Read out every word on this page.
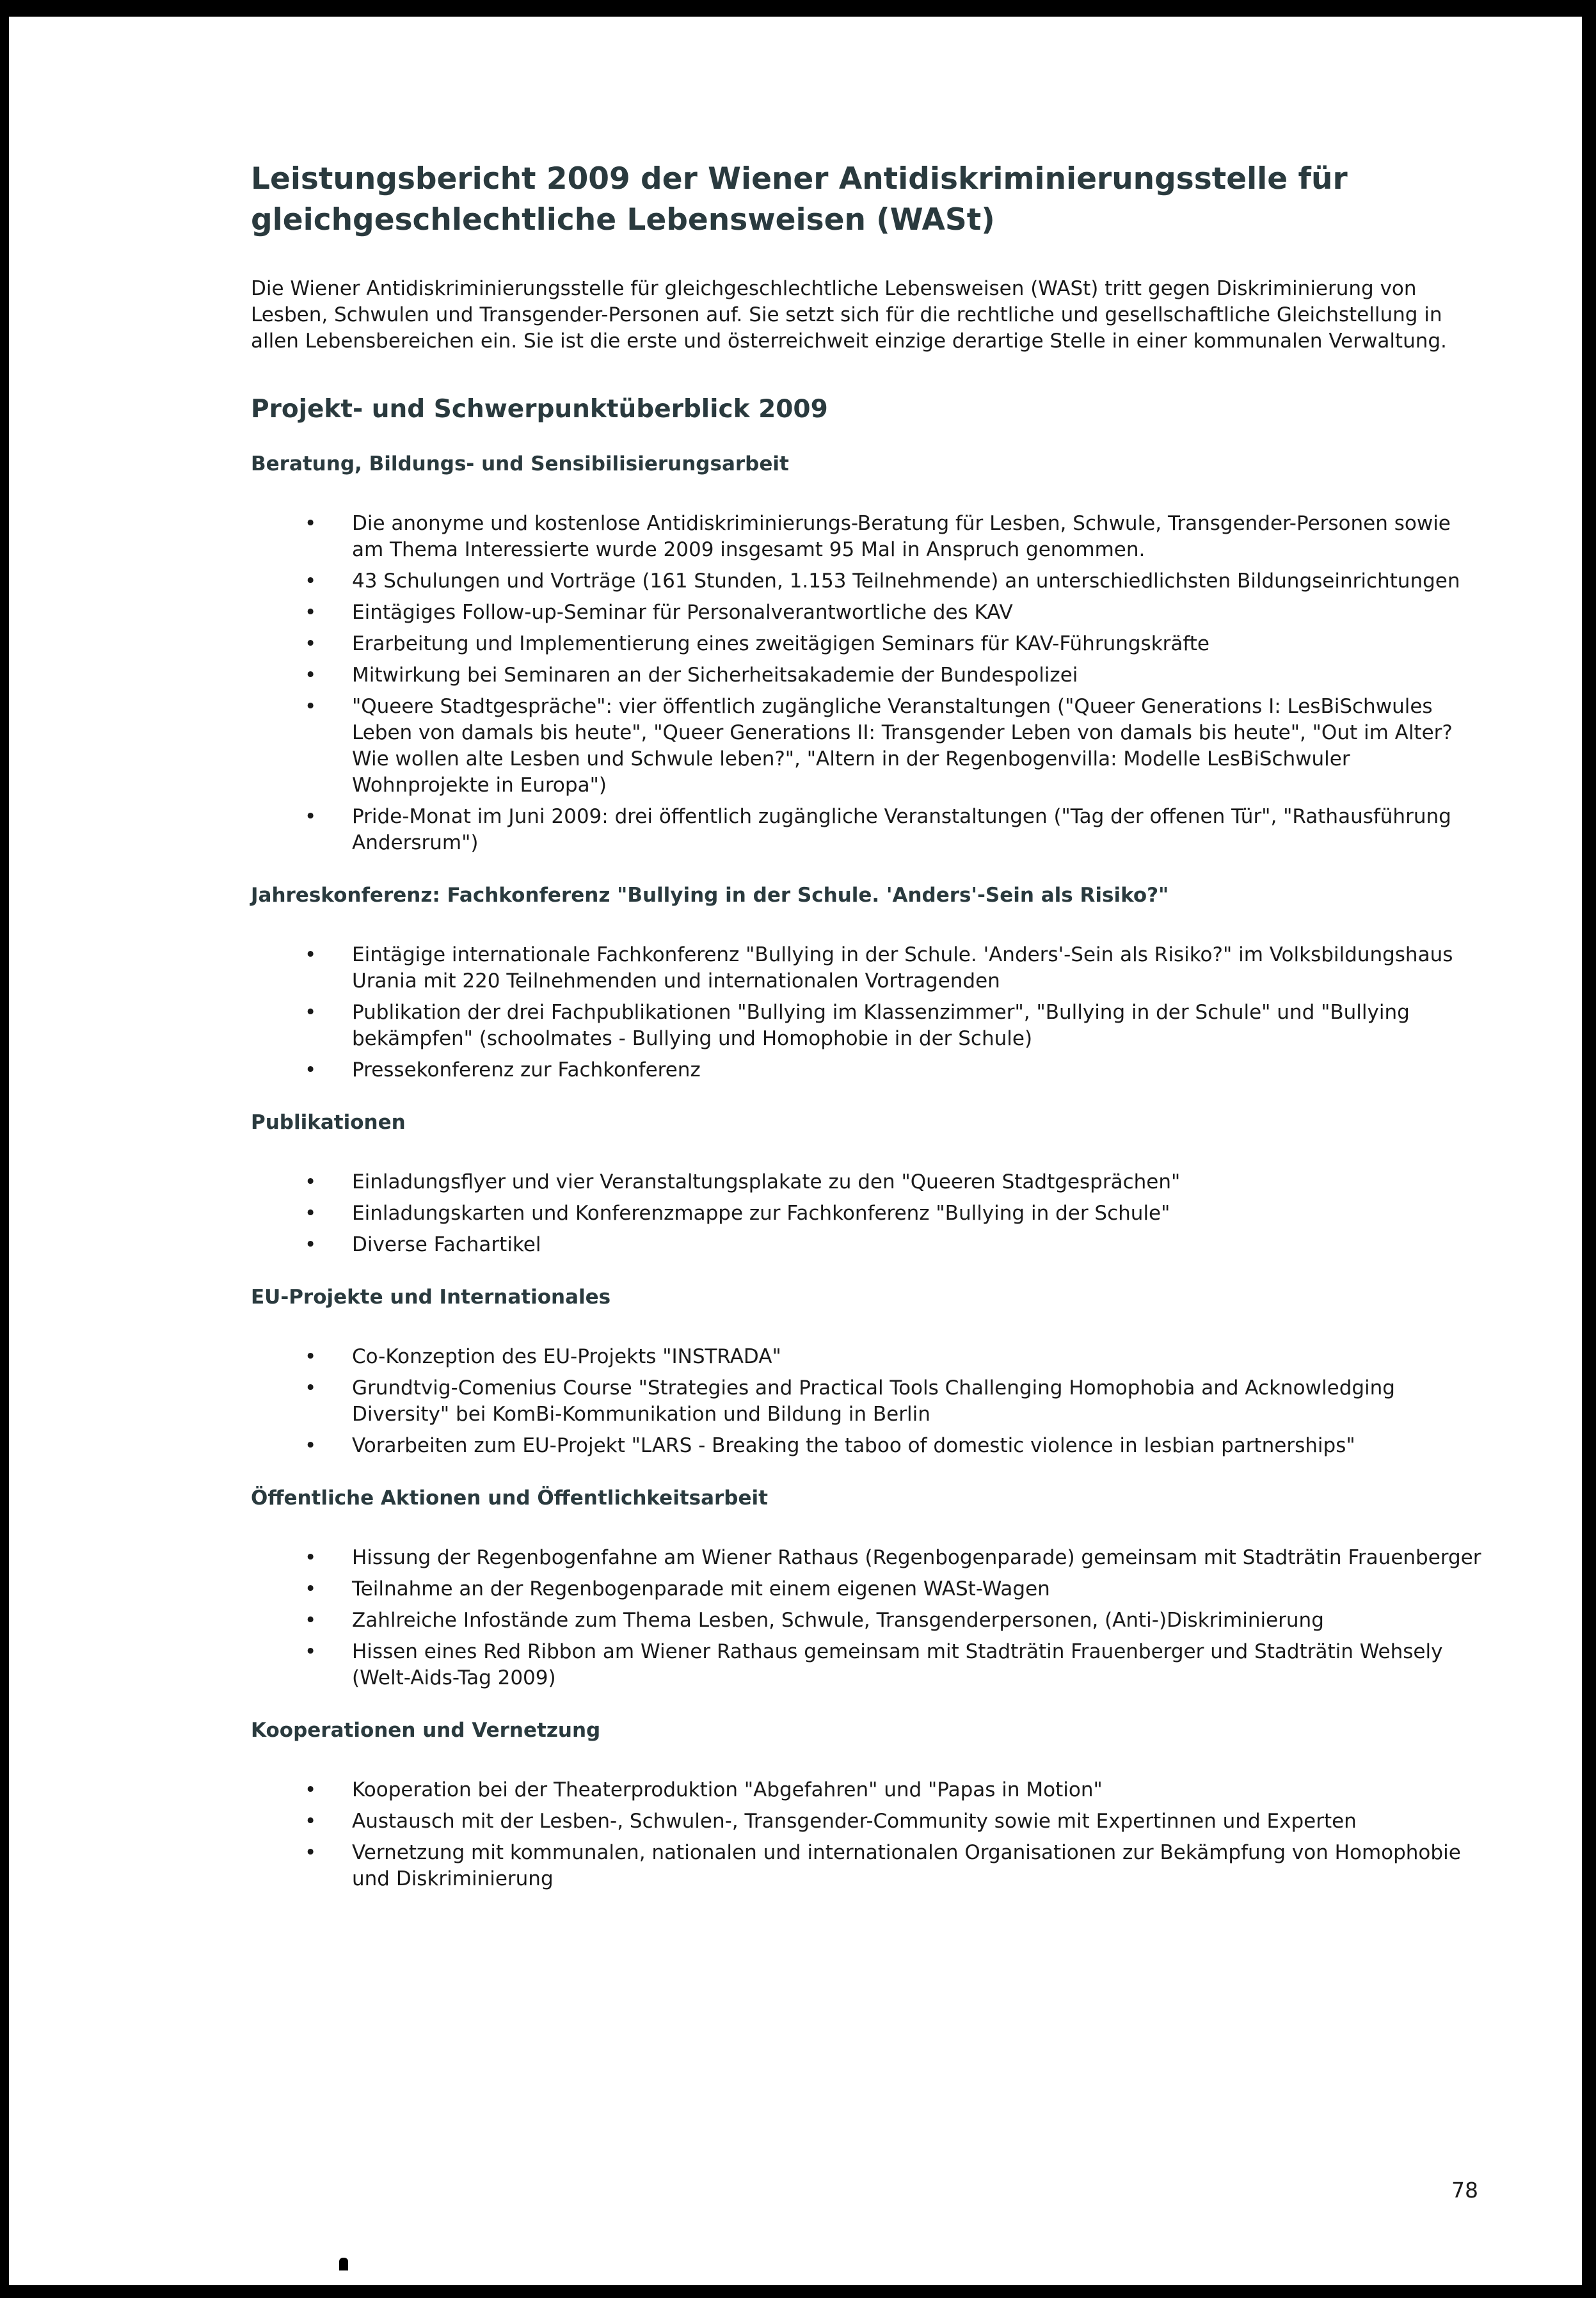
Leistungsbericht 2009 der Wiener Antidiskriminierungsstelle für gleichgeschlechtliche Lebensweisen (WASt)

Die Wiener Antidiskriminierungsstelle für gleichgeschlechtliche Lebensweisen (WASt) tritt gegen Diskriminierung von Lesben, Schwulen und Transgender-Personen auf. Sie setzt sich für die rechtliche und gesellschaftliche Gleichstellung in allen Lebensbereichen ein. Sie ist die erste und österreichweit einzige derartige Stelle in einer kommunalen Verwaltung.

Projekt- und Schwerpunktüberblick 2009
Beratung, Bildungs- und Sensibilisierungsarbeit
• Die anonyme und kostenlose Antidiskriminierungs-Beratung für Lesben, Schwule, Transgender-Personen sowie am Thema Interessierte wurde 2009 insgesamt 95 Mal in Anspruch genommen.
• 43 Schulungen und Vorträge (161 Stunden, 1.153 Teilnehmende) an unterschiedlichsten Bildungseinrichtungen
• Eintägiges Follow-up-Seminar für Personalverantwortliche des KAV
• Erarbeitung und Implementierung eines zweitägigen Seminars für KAV-Führungskräfte
• Mitwirkung bei Seminaren an der Sicherheitsakademie der Bundespolizei
• "Queere Stadtgespräche": vier öffentlich zugängliche Veranstaltungen ("Queer Generations I: LesBiSchwules Leben von damals bis heute", "Queer Generations II: Transgender Leben von damals bis heute", "Out im Alter? Wie wollen alte Lesben und Schwule leben?", "Altern in der Regenbogenvilla: Modelle LesBiSchwuler Wohnprojekte in Europa")
• Pride-Monat im Juni 2009: drei öffentlich zugängliche Veranstaltungen ("Tag der offenen Tür", "Rathausführung Andersrum")
Jahreskonferenz: Fachkonferenz "Bullying in der Schule. 'Anders'-Sein als Risiko?"
• Eintägige internationale Fachkonferenz "Bullying in der Schule. 'Anders'-Sein als Risiko?" im Volksbildungshaus Urania mit 220 Teilnehmenden und internationalen Vortragenden
• Publikation der drei Fachpublikationen "Bullying im Klassenzimmer", "Bullying in der Schule" und "Bullying bekämpfen" (schoolmates - Bullying und Homophobie in der Schule)
• Pressekonferenz zur Fachkonferenz
Publikationen
• Einladungsflyer und vier Veranstaltungsplakate zu den "Queeren Stadtgesprächen"
• Einladungskarten und Konferenzmappe zur Fachkonferenz "Bullying in der Schule"
• Diverse Fachartikel
EU-Projekte und Internationales
• Co-Konzeption des EU-Projekts "INSTRADA"
• Grundtvig-Comenius Course "Strategies and Practical Tools Challenging Homophobia and Acknowledging Diversity" bei KomBi-Kommunikation und Bildung in Berlin
• Vorarbeiten zum EU-Projekt "LARS - Breaking the taboo of domestic violence in lesbian partnerships"
Öffentliche Aktionen und Öffentlichkeitsarbeit
• Hissung der Regenbogenfahne am Wiener Rathaus (Regenbogenparade) gemeinsam mit Stadträtin Frauenberger
• Teilnahme an der Regenbogenparade mit einem eigenen WASt-Wagen
• Zahlreiche Infostände zum Thema Lesben, Schwule, Transgenderpersonen, (Anti-)Diskriminierung
• Hissen eines Red Ribbon am Wiener Rathaus gemeinsam mit Stadträtin Frauenberger und Stadträtin Wehsely (Welt-Aids-Tag 2009)
Kooperationen und Vernetzung
• Kooperation bei der Theaterproduktion "Abgefahren" und "Papas in Motion"
• Austausch mit der Lesben-, Schwulen-, Transgender-Community sowie mit Expertinnen und Experten
• Vernetzung mit kommunalen, nationalen und internationalen Organisationen zur Bekämpfung von Homophobie und Diskriminierung
78
